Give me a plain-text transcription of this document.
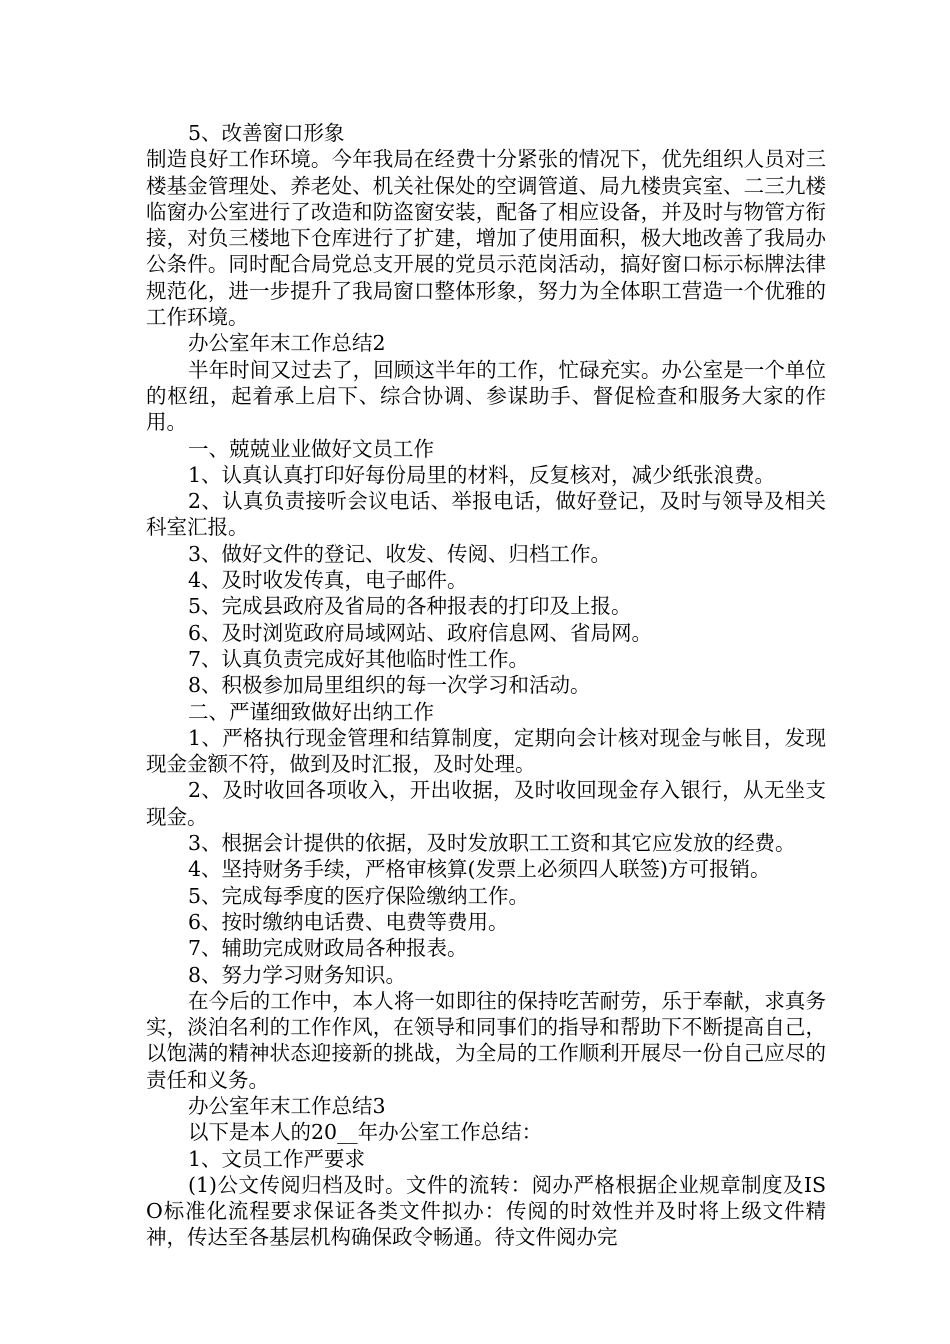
5、改善窗口形象

制造良好工作环境。今年我局在经费十分紧张的情况下，优先组织人员对三楼基金管理处、养老处、机关社保处的空调管道、局九楼贵宾室、二三九楼临窗办公室进行了改造和防盗窗安装，配备了相应设备，并及时与物管方衔接，对负三楼地下仓库进行了扩建，增加了使用面积，极大地改善了我局办公条件。同时配合局党总支开展的党员示范岗活动，搞好窗口标示标牌法律规范化，进一步提升了我局窗口整体形象，努力为全体职工营造一个优雅的工作环境。

办公室年末工作总结2

半年时间又过去了，回顾这半年的工作，忙碌充实。办公室是一个单位的枢纽，起着承上启下、综合协调、参谋助手、督促检查和服务大家的作用。

一、兢兢业业做好文员工作

1、认真认真打印好每份局里的材料，反复核对，减少纸张浪费。

2、认真负责接听会议电话、举报电话，做好登记，及时与领导及相关科室汇报。

3、做好文件的登记、收发、传阅、归档工作。

4、及时收发传真，电子邮件。

5、完成县政府及省局的各种报表的打印及上报。

6、及时浏览政府局域网站、政府信息网、省局网。

7、认真负责完成好其他临时性工作。

8、积极参加局里组织的每一次学习和活动。

二、严谨细致做好出纳工作

1、严格执行现金管理和结算制度，定期向会计核对现金与帐目，发现现金金额不符，做到及时汇报，及时处理。

2、及时收回各项收入，开出收据，及时收回现金存入银行，从无坐支现金。

3、根据会计提供的依据，及时发放职工工资和其它应发放的经费。

4、坚持财务手续，严格审核算(发票上必须四人联签)方可报销。

5、完成每季度的医疗保险缴纳工作。

6、按时缴纳电话费、电费等费用。

7、辅助完成财政局各种报表。

8、努力学习财务知识。

在今后的工作中，本人将一如即往的保持吃苦耐劳，乐于奉献，求真务实，淡泊名利的工作作风，在领导和同事们的指导和帮助下不断提高自己，以饱满的精神状态迎接新的挑战，为全局的工作顺利开展尽一份自己应尽的责任和义务。

办公室年末工作总结3

以下是本人的20__年办公室工作总结：

1、文员工作严要求

(1)公文传阅归档及时。文件的流转：阅办严格根据企业规章制度及ISO标准化流程要求保证各类文件拟办：传阅的时效性并及时将上级文件精神，传达至各基层机构确保政令畅通。待文件阅办完
